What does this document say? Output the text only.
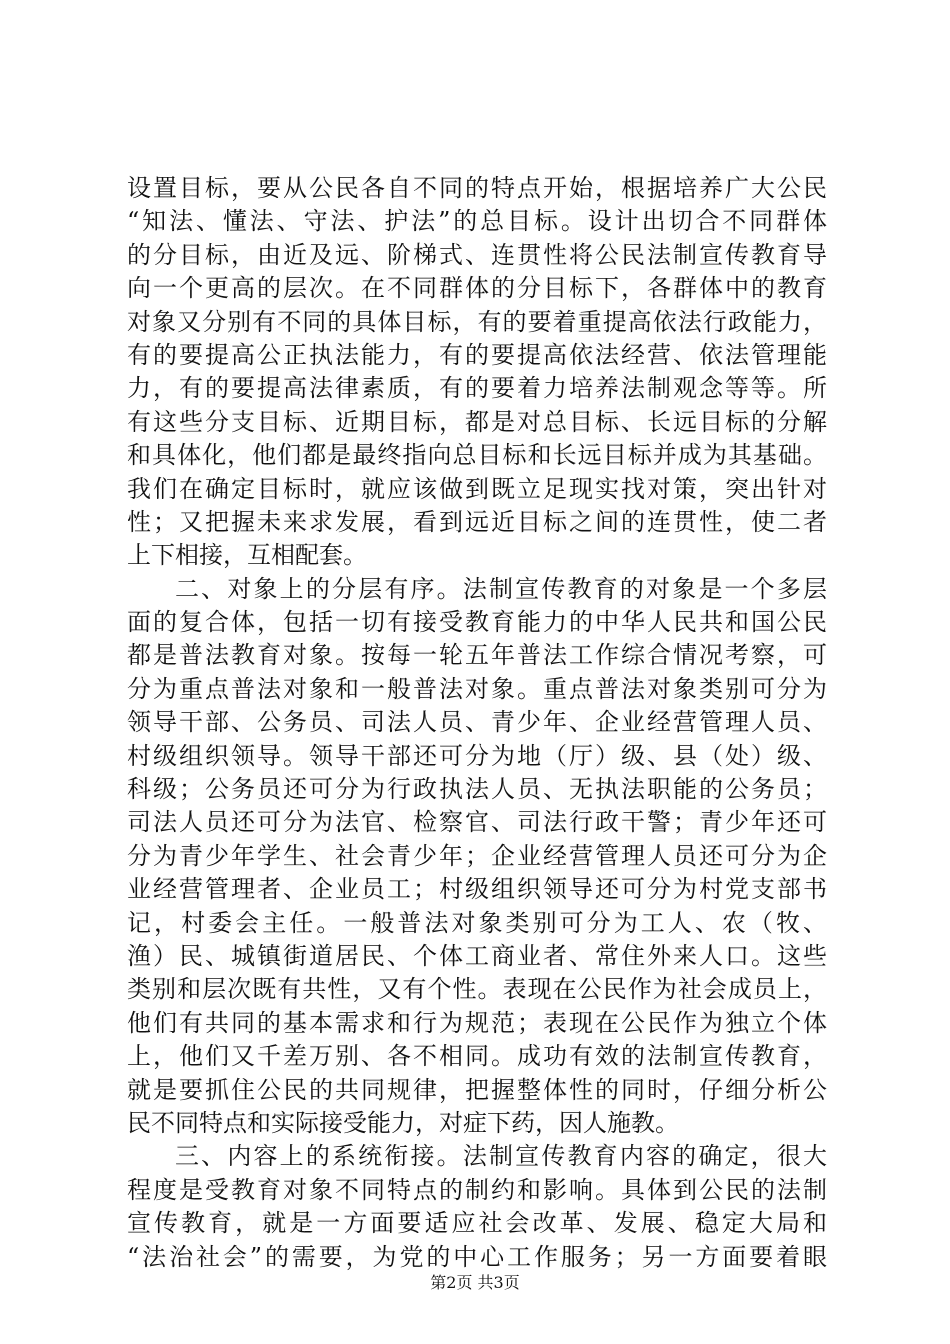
设置目标，要从公民各自不同的特点开始，根据培养广大公民
“知法、懂法、守法、护法”的总目标。设计出切合不同群体
的分目标，由近及远、阶梯式、连贯性将公民法制宣传教育导
向一个更高的层次。在不同群体的分目标下，各群体中的教育
对象又分别有不同的具体目标，有的要着重提高依法行政能力，
有的要提高公正执法能力，有的要提高依法经营、依法管理能
力，有的要提高法律素质，有的要着力培养法制观念等等。所
有这些分支目标、近期目标，都是对总目标、长远目标的分解
和具体化，他们都是最终指向总目标和长远目标并成为其基础。
我们在确定目标时，就应该做到既立足现实找对策，突出针对
性；又把握未来求发展，看到远近目标之间的连贯性，使二者
上下相接，互相配套。
二、对象上的分层有序。法制宣传教育的对象是一个多层
面的复合体，包括一切有接受教育能力的中华人民共和国公民
都是普法教育对象。按每一轮五年普法工作综合情况考察，可
分为重点普法对象和一般普法对象。重点普法对象类别可分为
领导干部、公务员、司法人员、青少年、企业经营管理人员、
村级组织领导。领导干部还可分为地（厅）级、县（处）级、
科级；公务员还可分为行政执法人员、无执法职能的公务员；
司法人员还可分为法官、检察官、司法行政干警；青少年还可
分为青少年学生、社会青少年；企业经营管理人员还可分为企
业经营管理者、企业员工；村级组织领导还可分为村党支部书
记，村委会主任。一般普法对象类别可分为工人、农（牧、
渔）民、城镇街道居民、个体工商业者、常住外来人口。这些
类别和层次既有共性，又有个性。表现在公民作为社会成员上，
他们有共同的基本需求和行为规范；表现在公民作为独立个体
上，他们又千差万别、各不相同。成功有效的法制宣传教育，
就是要抓住公民的共同规律，把握整体性的同时，仔细分析公
民不同特点和实际接受能力，对症下药，因人施教。
三、内容上的系统衔接。法制宣传教育内容的确定，很大
程度是受教育对象不同特点的制约和影响。具体到公民的法制
宣传教育，就是一方面要适应社会改革、发展、稳定大局和
“法治社会”的需要，为党的中心工作服务；另一方面要着眼
第2页 共3页
